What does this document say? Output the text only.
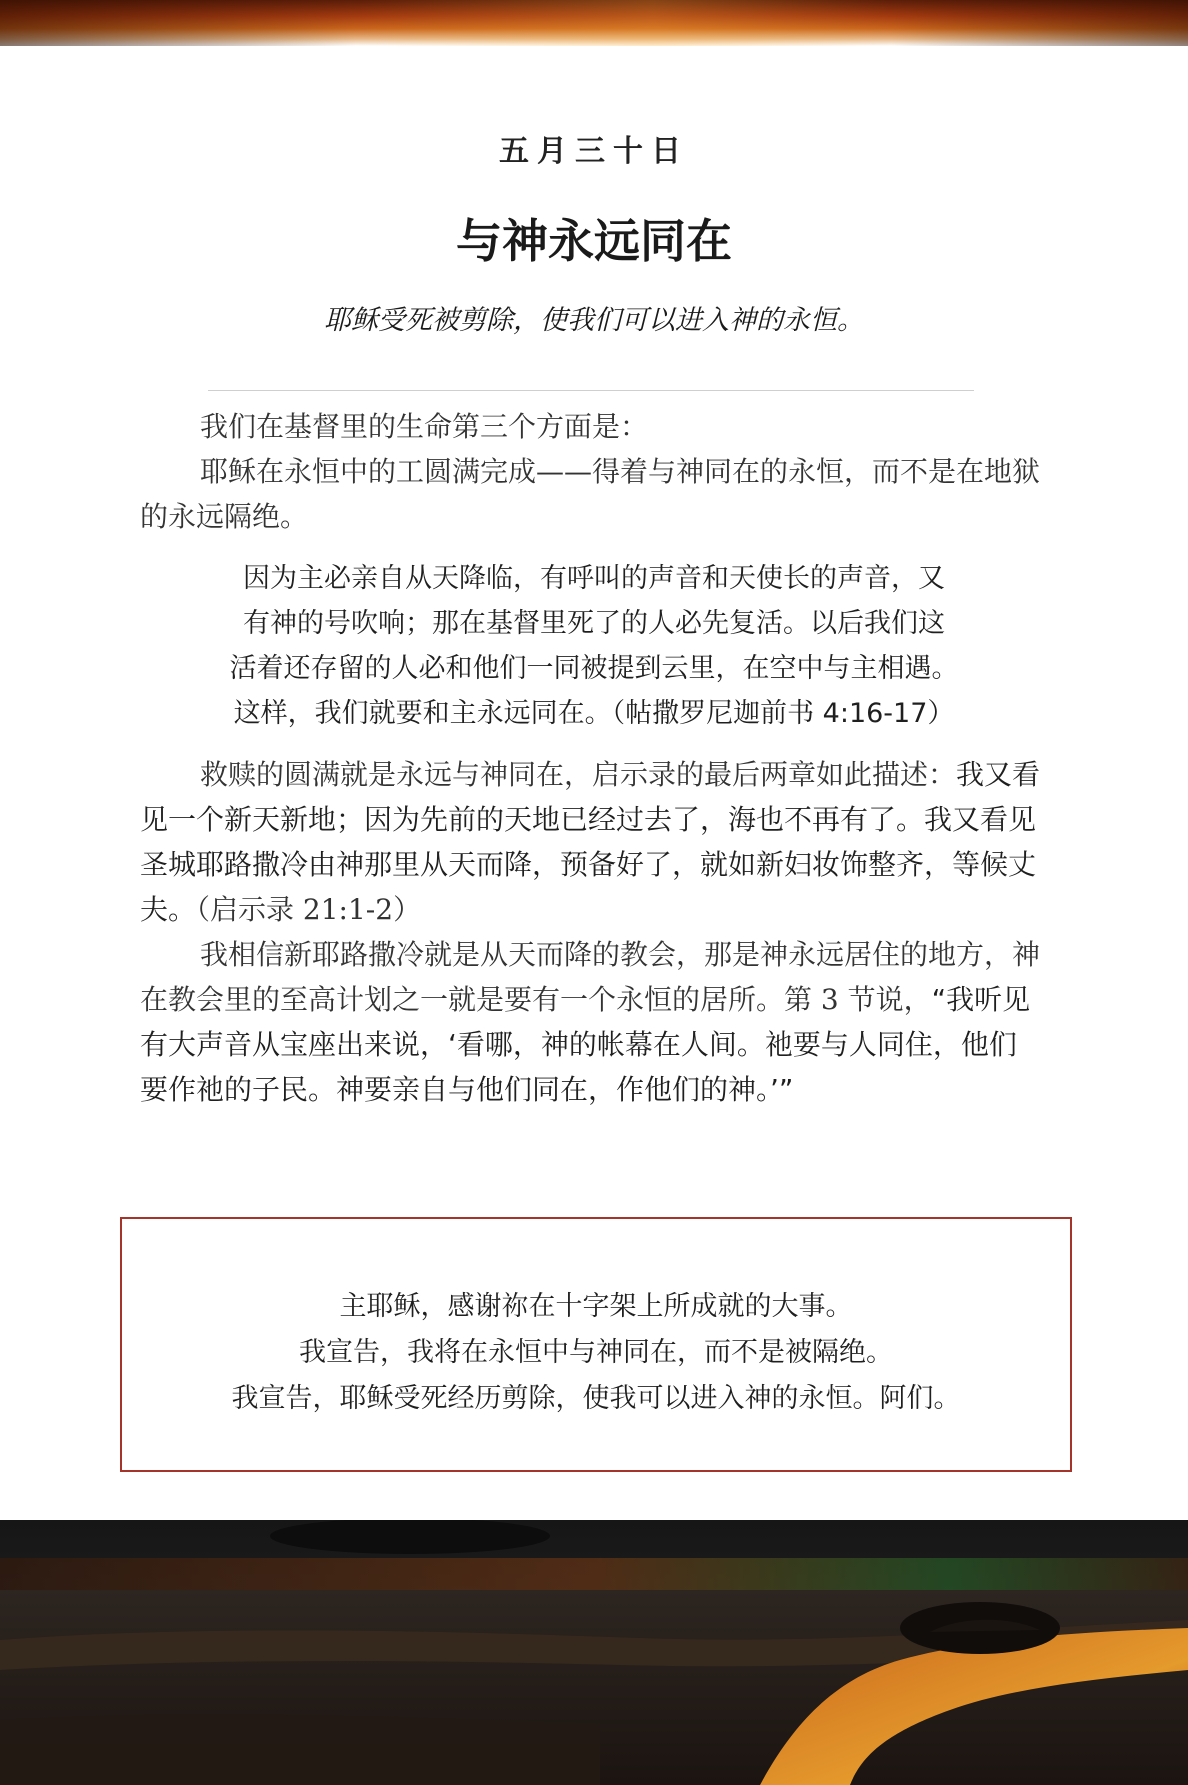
五月三十日
与神永远同在
耶稣受死被剪除，使我们可以进入神的永恒。

我们在基督里的生命第三个方面是：

耶稣在永恒中的工圆满完成——得着与神同在的永恒，而不是在地狱的永远隔绝。

因为主必亲自从天降临，有呼叫的声音和天使长的声音，又
有神的号吹响；那在基督里死了的人必先复活。以后我们这
活着还存留的人必和他们一同被提到云里，在空中与主相遇。
这样，我们就要和主永远同在。（帖撒罗尼迦前书 4:16-17）

救赎的圆满就是永远与神同在，启示录的最后两章如此描述：我又看见一个新天新地；因为先前的天地已经过去了，海也不再有了。我又看见圣城耶路撒冷由神那里从天而降，预备好了，就如新妇妆饰整齐，等候丈夫。（启示录 21:1-2）

我相信新耶路撒冷就是从天而降的教会，那是神永远居住的地方，神在教会里的至高计划之一就是要有一个永恒的居所。第 3 节说，“我听见有大声音从宝座出来说，‘看哪，神的帐幕在人间。祂要与人同住，他们要作祂的子民。神要亲自与他们同在，作他们的神。’”

主耶稣，感谢祢在十字架上所成就的大事。
我宣告，我将在永恒中与神同在，而不是被隔绝。
我宣告，耶稣受死经历剪除，使我可以进入神的永恒。阿们。
